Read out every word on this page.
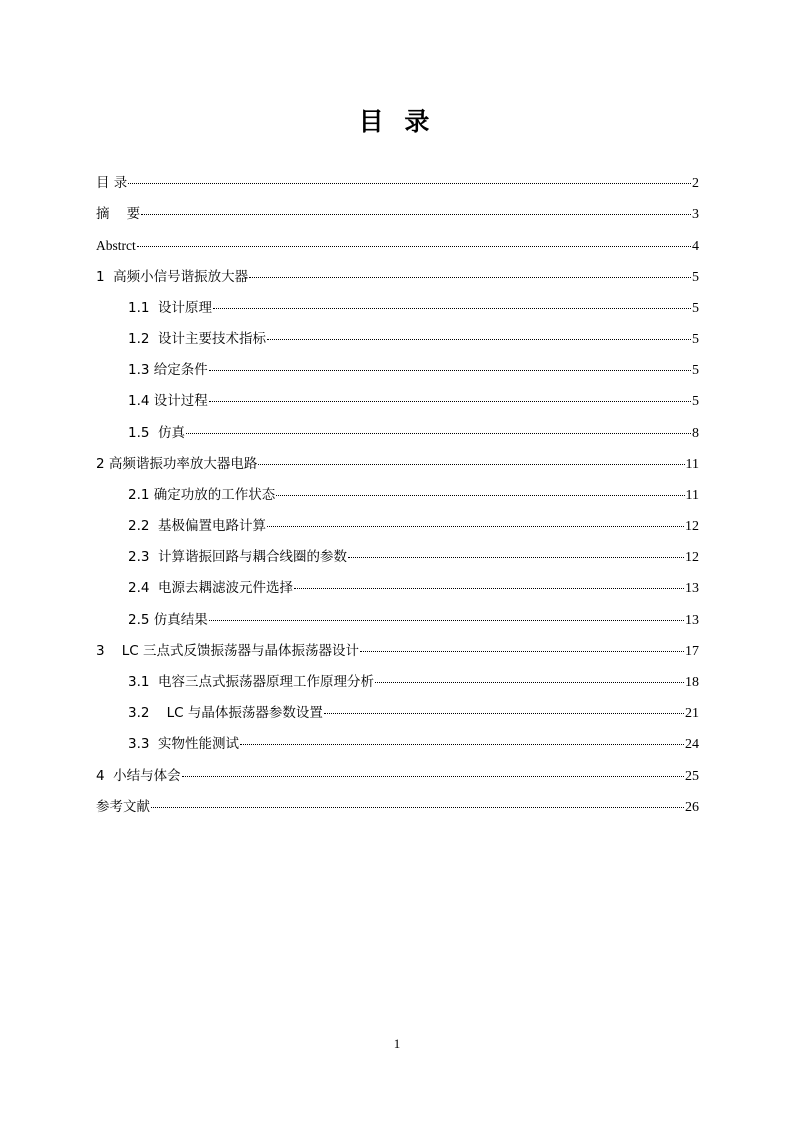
目 录
目 录	2
摘    要	3
Abstrct	4
1  高频小信号谐振放大器	5
1.1  设计原理	5
1.2  设计主要技术指标	5
1.3 给定条件	5
1.4 设计过程	5
1.5  仿真	8
2 高频谐振功率放大器电路	11
2.1 确定功放的工作状态	11
2.2  基极偏置电路计算	12
2.3  计算谐振回路与耦合线圈的参数	12
2.4  电源去耦滤波元件选择	13
2.5 仿真结果	13
3    LC 三点式反馈振荡器与晶体振荡器设计	17
3.1  电容三点式振荡器原理工作原理分析	18
3.2    LC 与晶体振荡器参数设置	21
3.3  实物性能测试	24
4  小结与体会	25
参考文献	26
1
